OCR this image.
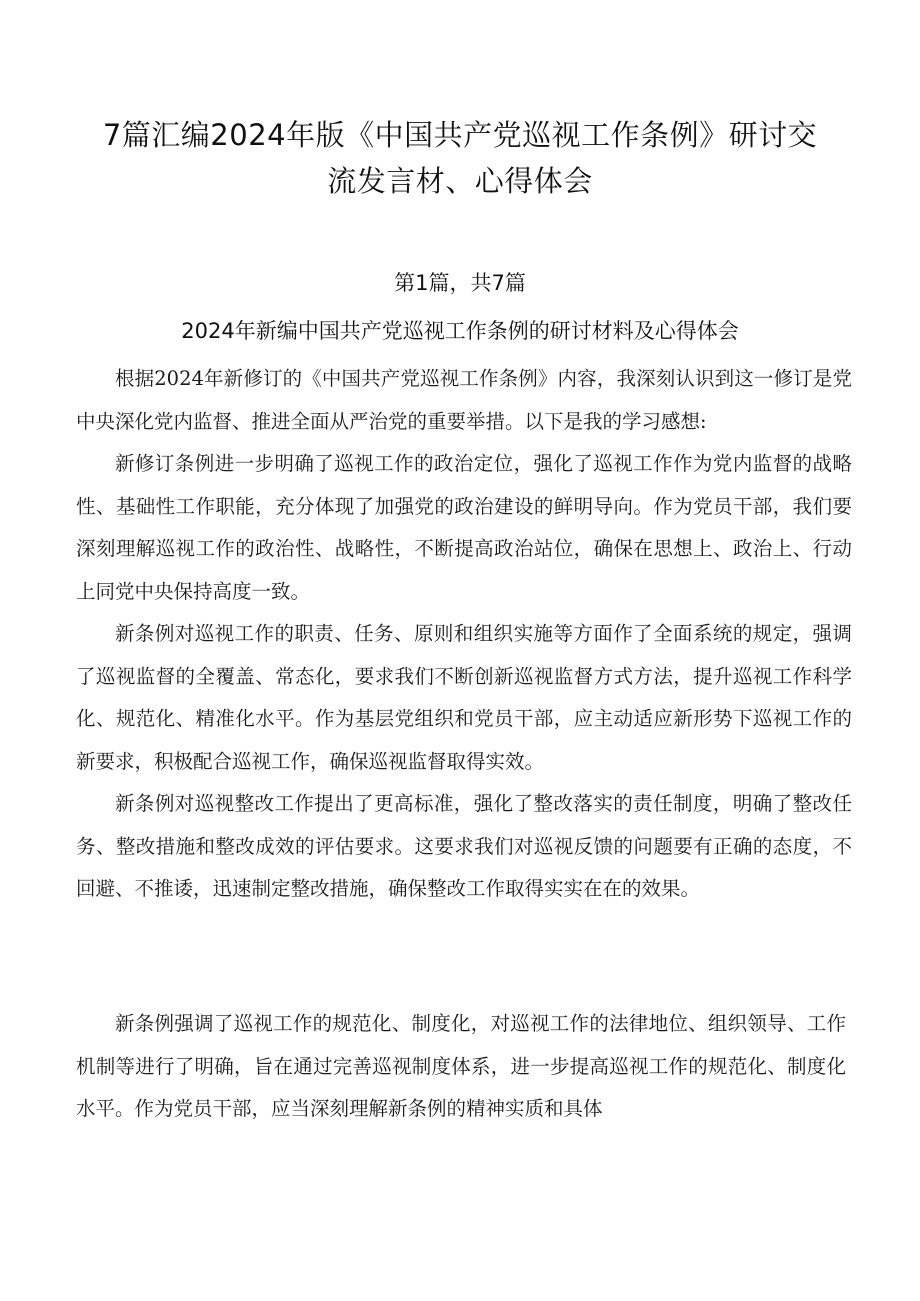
7篇汇编2024年版《中国共产党巡视工作条例》研讨交流发言材、心得体会
第1篇，共7篇
2024年新编中国共产党巡视工作条例的研讨材料及心得体会

根据2024年新修订的《中国共产党巡视工作条例》内容，我深刻认识到这一修订是党中央深化党内监督、推进全面从严治党的重要举措。以下是我的学习感想:

新修订条例进一步明确了巡视工作的政治定位，强化了巡视工作作为党内监督的战略性、基础性工作职能，充分体现了加强党的政治建设的鲜明导向。作为党员干部，我们要深刻理解巡视工作的政治性、战略性，不断提高政治站位，确保在思想上、政治上、行动上同党中央保持高度一致。

新条例对巡视工作的职责、任务、原则和组织实施等方面作了全面系统的规定，强调了巡视监督的全覆盖、常态化，要求我们不断创新巡视监督方式方法，提升巡视工作科学化、规范化、精准化水平。作为基层党组织和党员干部，应主动适应新形势下巡视工作的新要求，积极配合巡视工作，确保巡视监督取得实效。

新条例对巡视整改工作提出了更高标准，强化了整改落实的责任制度，明确了整改任务、整改措施和整改成效的评估要求。这要求我们对巡视反馈的问题要有正确的态度，不回避、不推诿，迅速制定整改措施，确保整改工作取得实实在在的效果。

新条例强调了巡视工作的规范化、制度化，对巡视工作的法律地位、组织领导、工作机制等进行了明确，旨在通过完善巡视制度体系，进一步提高巡视工作的规范化、制度化水平。作为党员干部，应当深刻理解新条例的精神实质和具体
